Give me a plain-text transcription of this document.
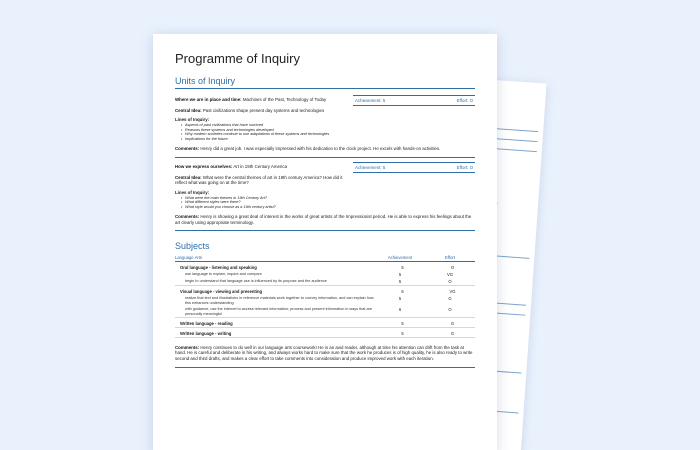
Programme of Inquiry
Units of Inquiry
Where we are in place and time: Machines of the Past, Technology of Today	Achievement: 5	Effort: O
Central Idea: Past civilizations shape present day systems and technologies
Lines of Inquiry:
• Aspects of past civilizations that have survived
• Reasons these systems and technologies developed
• Why modern societies continue to use adaptations of these systems and technologies
• Implications for the future.
Comments: Henry did a great job. I was especially impressed with his dedication to the clock project. He excels with hands-on activities.
How we express ourselves: Art in 19th Century America	Achievement: 5	Effort: O
Central Idea: What were the central themes of art in 19th century America? How did it reflect what was going on at the time?
Lines of Inquiry:
• What were the main themes in 19th Century Art?
• What different styles were there?
• What style would you choose as a 19th century artist?
Comments: Henry is showing a great deal of interest in the works of great artists of the Impressionist period. He is able to express his feelings about the art clearly using appropriate terminology.
Subjects
Language Arts	Achievement	Effort
Oral language - listening and speaking	5	O
use language to explain, inquire and compare	5	VG
begin to understand that language use is influenced by its purpose and the audience	5	O
Visual language - viewing and presenting	6	VG
realize that text and illustrations in reference materials work together to convey information, and can explain how this enhances understanding	5	G
with guidance, use the internet to access relevant information; process and present information in ways that are personally meaningful	6	O
Written language - reading	5	G
Written language - writing	5	G

Comments: Henry continues to do well in our language arts coursework! He is an avid reader, although at time his attention can drift from the task at hand. He is careful and deliberate in his writing, and always works hard to make sure that the work he produces is of high quality, he is also ready to write second and third drafts, and makes a clear effort to take comments into consideration and produce improved work with each iteration.
